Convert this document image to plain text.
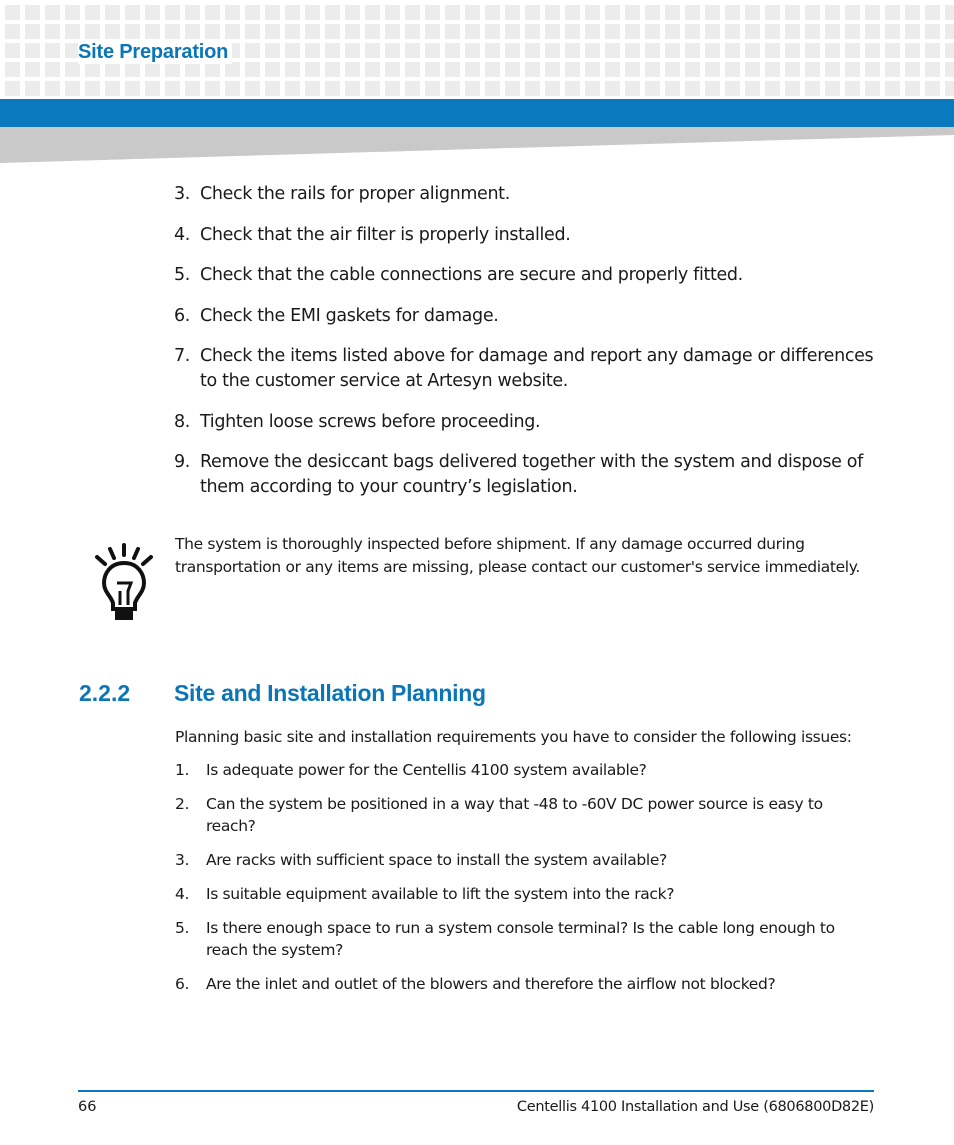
Site Preparation
3. Check the rails for proper alignment.
4. Check that the air filter is properly installed.
5. Check that the cable connections are secure and properly fitted.
6. Check the EMI gaskets for damage.
7. Check the items listed above for damage and report any damage or differences to the customer service at Artesyn website.
8. Tighten loose screws before proceeding.
9. Remove the desiccant bags delivered together with the system and dispose of them according to your country’s legislation.
The system is thoroughly inspected before shipment. If any damage occurred during transportation or any items are missing, please contact our customer's service immediately.
2.2.2 Site and Installation Planning
Planning basic site and installation requirements you have to consider the following issues:
1.	Is adequate power for the Centellis 4100 system available?
2.	Can the system be positioned in a way that -48 to -60V DC power source is easy to reach?
3.	Are racks with sufficient space to install the system available?
4.	Is suitable equipment available to lift the system into the rack?
5.	Is there enough space to run a system console terminal? Is the cable long enough to reach the system?
6.	Are the inlet and outlet of the blowers and therefore the airflow not blocked?
66	Centellis 4100 Installation and Use (6806800D82E)
